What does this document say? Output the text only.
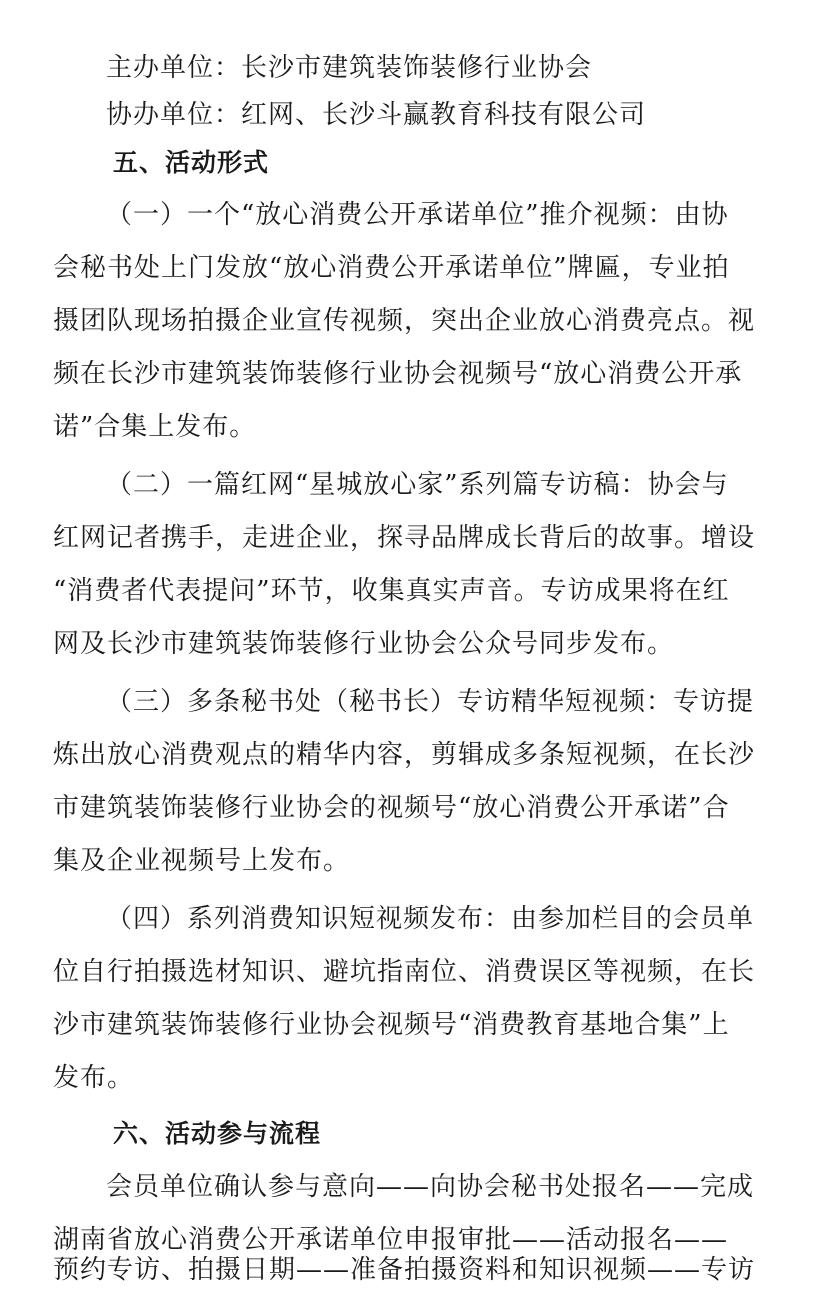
主办单位：长沙市建筑装饰装修行业协会
协办单位：红网、长沙斗赢教育科技有限公司
五、活动形式
（一）一个“放心消费公开承诺单位”推介视频：由协
会秘书处上门发放“放心消费公开承诺单位”牌匾，专业拍
摄团队现场拍摄企业宣传视频，突出企业放心消费亮点。视
频在长沙市建筑装饰装修行业协会视频号“放心消费公开承
诺”合集上发布。
（二）一篇红网“星城放心家”系列篇专访稿：协会与
红网记者携手，走进企业，探寻品牌成长背后的故事。增设
“消费者代表提问”环节，收集真实声音。专访成果将在红
网及长沙市建筑装饰装修行业协会公众号同步发布。
（三）多条秘书处（秘书长）专访精华短视频：专访提
炼出放心消费观点的精华内容，剪辑成多条短视频，在长沙
市建筑装饰装修行业协会的视频号“放心消费公开承诺”合
集及企业视频号上发布。
（四）系列消费知识短视频发布：由参加栏目的会员单
位自行拍摄选材知识、避坑指南位、消费误区等视频，在长
沙市建筑装饰装修行业协会视频号“消费教育基地合集”上
发布。
六、活动参与流程
会员单位确认参与意向——向协会秘书处报名——完成
湖南省放心消费公开承诺单位申报审批——活动报名——
预约专访、拍摄日期——准备拍摄资料和知识视频——专访
